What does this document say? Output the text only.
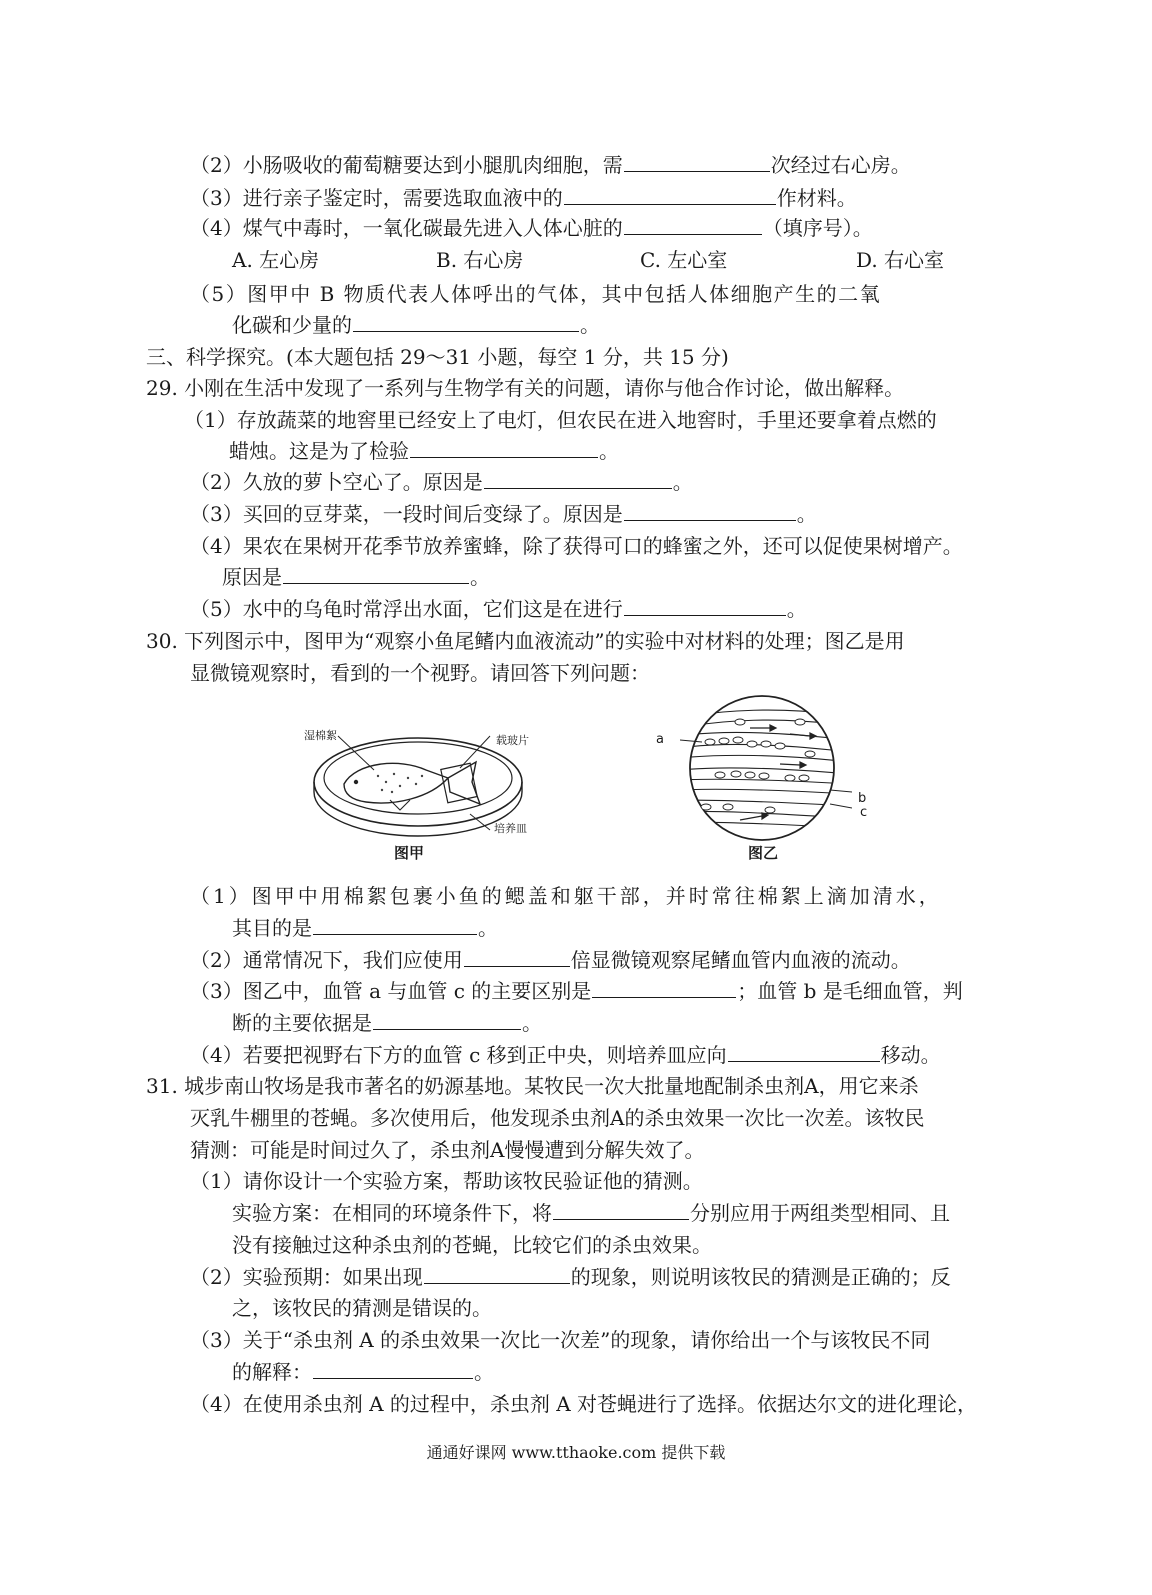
（2）小肠吸收的葡萄糖要达到小腿肌肉细胞，需	次经过右心房。
（3）进行亲子鉴定时，需要选取血液中的	作材料。
（4）煤气中毒时，一氧化碳最先进入人体心脏的	（填序号）。
A. 左心房	B. 右心房	C. 左心室	D. 右心室
（5）图甲中 B 物质代表人体呼出的气体，其中包括人体细胞产生的二氧
化碳和少量的	。
三、科学探究。(本大题包括 29～31 小题，每空 1 分，共 15 分)
29. 小刚在生活中发现了一系列与生物学有关的问题，请你与他合作讨论，做出解释。
（1）存放蔬菜的地窖里已经安上了电灯，但农民在进入地窖时，手里还要拿着点燃的
蜡烛。这是为了检验	。
（2）久放的萝卜空心了。原因是	。
（3）买回的豆芽菜，一段时间后变绿了。原因是	。
（4）果农在果树开花季节放养蜜蜂，除了获得可口的蜂蜜之外，还可以促使果树增产。
原因是	。
（5）水中的乌龟时常浮出水面，它们这是在进行	。
30. 下列图示中，图甲为“观察小鱼尾鳍内血液流动”的实验中对材料的处理；图乙是用
显微镜观察时，看到的一个视野。请回答下列问题：
湿棉絮	载玻片
培养皿
图甲
a
b
c
图乙
（1）图甲中用棉絮包裹小鱼的鳃盖和躯干部，并时常往棉絮上滴加清水，
其目的是	。
（2）通常情况下，我们应使用	倍显微镜观察尾鳍血管内血液的流动。
（3）图乙中，血管 a 与血管 c 的主要区别是	；血管 b 是毛细血管，判
断的主要依据是	。
（4）若要把视野右下方的血管 c 移到正中央，则培养皿应向	移动。
31. 城步南山牧场是我市著名的奶源基地。某牧民一次大批量地配制杀虫剂A，用它来杀
灭乳牛棚里的苍蝇。多次使用后，他发现杀虫剂A的杀虫效果一次比一次差。该牧民
猜测：可能是时间过久了，杀虫剂A慢慢遭到分解失效了。
（1）请你设计一个实验方案，帮助该牧民验证他的猜测。
实验方案：在相同的环境条件下，将	分别应用于两组类型相同、且
没有接触过这种杀虫剂的苍蝇，比较它们的杀虫效果。
（2）实验预期：如果出现	的现象，则说明该牧民的猜测是正确的；反
之，该牧民的猜测是错误的。
（3）关于“杀虫剂 A 的杀虫效果一次比一次差”的现象，请你给出一个与该牧民不同
的解释：	。
（4）在使用杀虫剂 A 的过程中，杀虫剂 A 对苍蝇进行了选择。依据达尔文的进化理论，
通通好课网 www.tthaoke.com 提供下载
